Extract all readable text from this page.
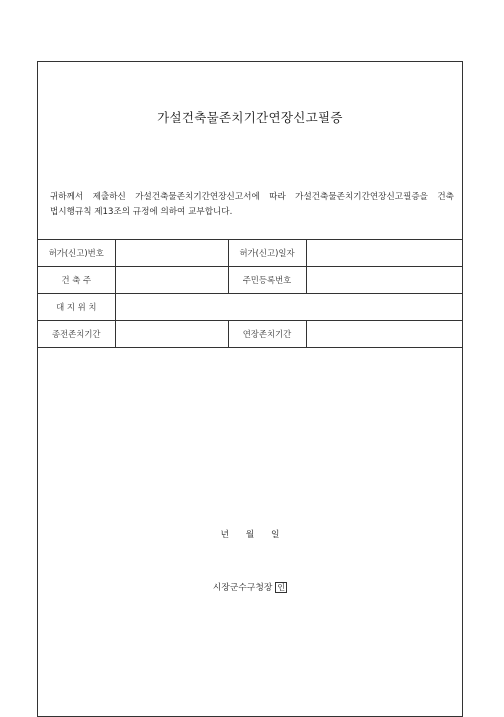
가설건축물존치기간연장신고필증
귀하께서 제출하신 가설건축물존치기간연장신고서에 따라 가설건축물존치기간연장신고필증을 건축
법시행규칙 제13조의 규정에 의하여 교부합니다.
허가(신고)번호		허가(신고)일자	
건 축 주		주민등록번호	
대 지 위 치			
종전존치기간		연장존치기간	
년 월 일
시장군수구청장 인
